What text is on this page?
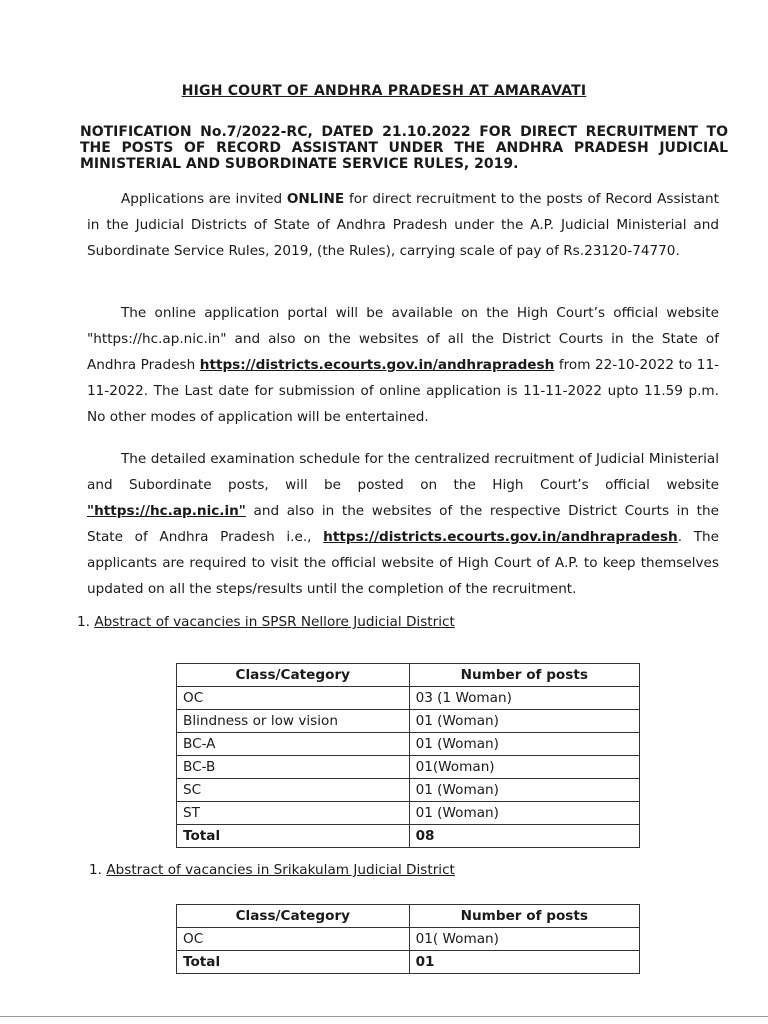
HIGH COURT OF ANDHRA PRADESH AT AMARAVATI

NOTIFICATION No.7/2022-RC, DATED 21.10.2022 FOR DIRECT RECRUITMENT TO THE POSTS OF RECORD ASSISTANT UNDER THE ANDHRA PRADESH JUDICIAL MINISTERIAL AND SUBORDINATE SERVICE RULES, 2019.

Applications are invited ONLINE for direct recruitment to the posts of Record Assistant in the Judicial Districts of State of Andhra Pradesh under the A.P. Judicial Ministerial and Subordinate Service Rules, 2019, (the Rules), carrying scale of pay of Rs.23120-74770.

The online application portal will be available on the High Court’s official website "https://hc.ap.nic.in" and also on the websites of all the District Courts in the State of Andhra Pradesh https://districts.ecourts.gov.in/andhrapradesh from 22-10-2022 to 11-11-2022. The Last date for submission of online application is 11-11-2022 upto 11.59 p.m. No other modes of application will be entertained.

The detailed examination schedule for the centralized recruitment of Judicial Ministerial and Subordinate posts, will be posted on the High Court’s official website "https://hc.ap.nic.in" and also in the websites of the respective District Courts in the State of Andhra Pradesh i.e., https://districts.ecourts.gov.in/andhrapradesh. The applicants are required to visit the official website of High Court of A.P. to keep themselves updated on all the steps/results until the completion of the recruitment.

1. Abstract of vacancies in SPSR Nellore Judicial District

Class/Category	Number of posts
OC	03 (1 Woman)
Blindness or low vision	01 (Woman)
BC-A	01 (Woman)
BC-B	01(Woman)
SC	01 (Woman)
ST	01 (Woman)
Total	08

1. Abstract of vacancies in Srikakulam Judicial District

Class/Category	Number of posts
OC	01( Woman)
Total	01
